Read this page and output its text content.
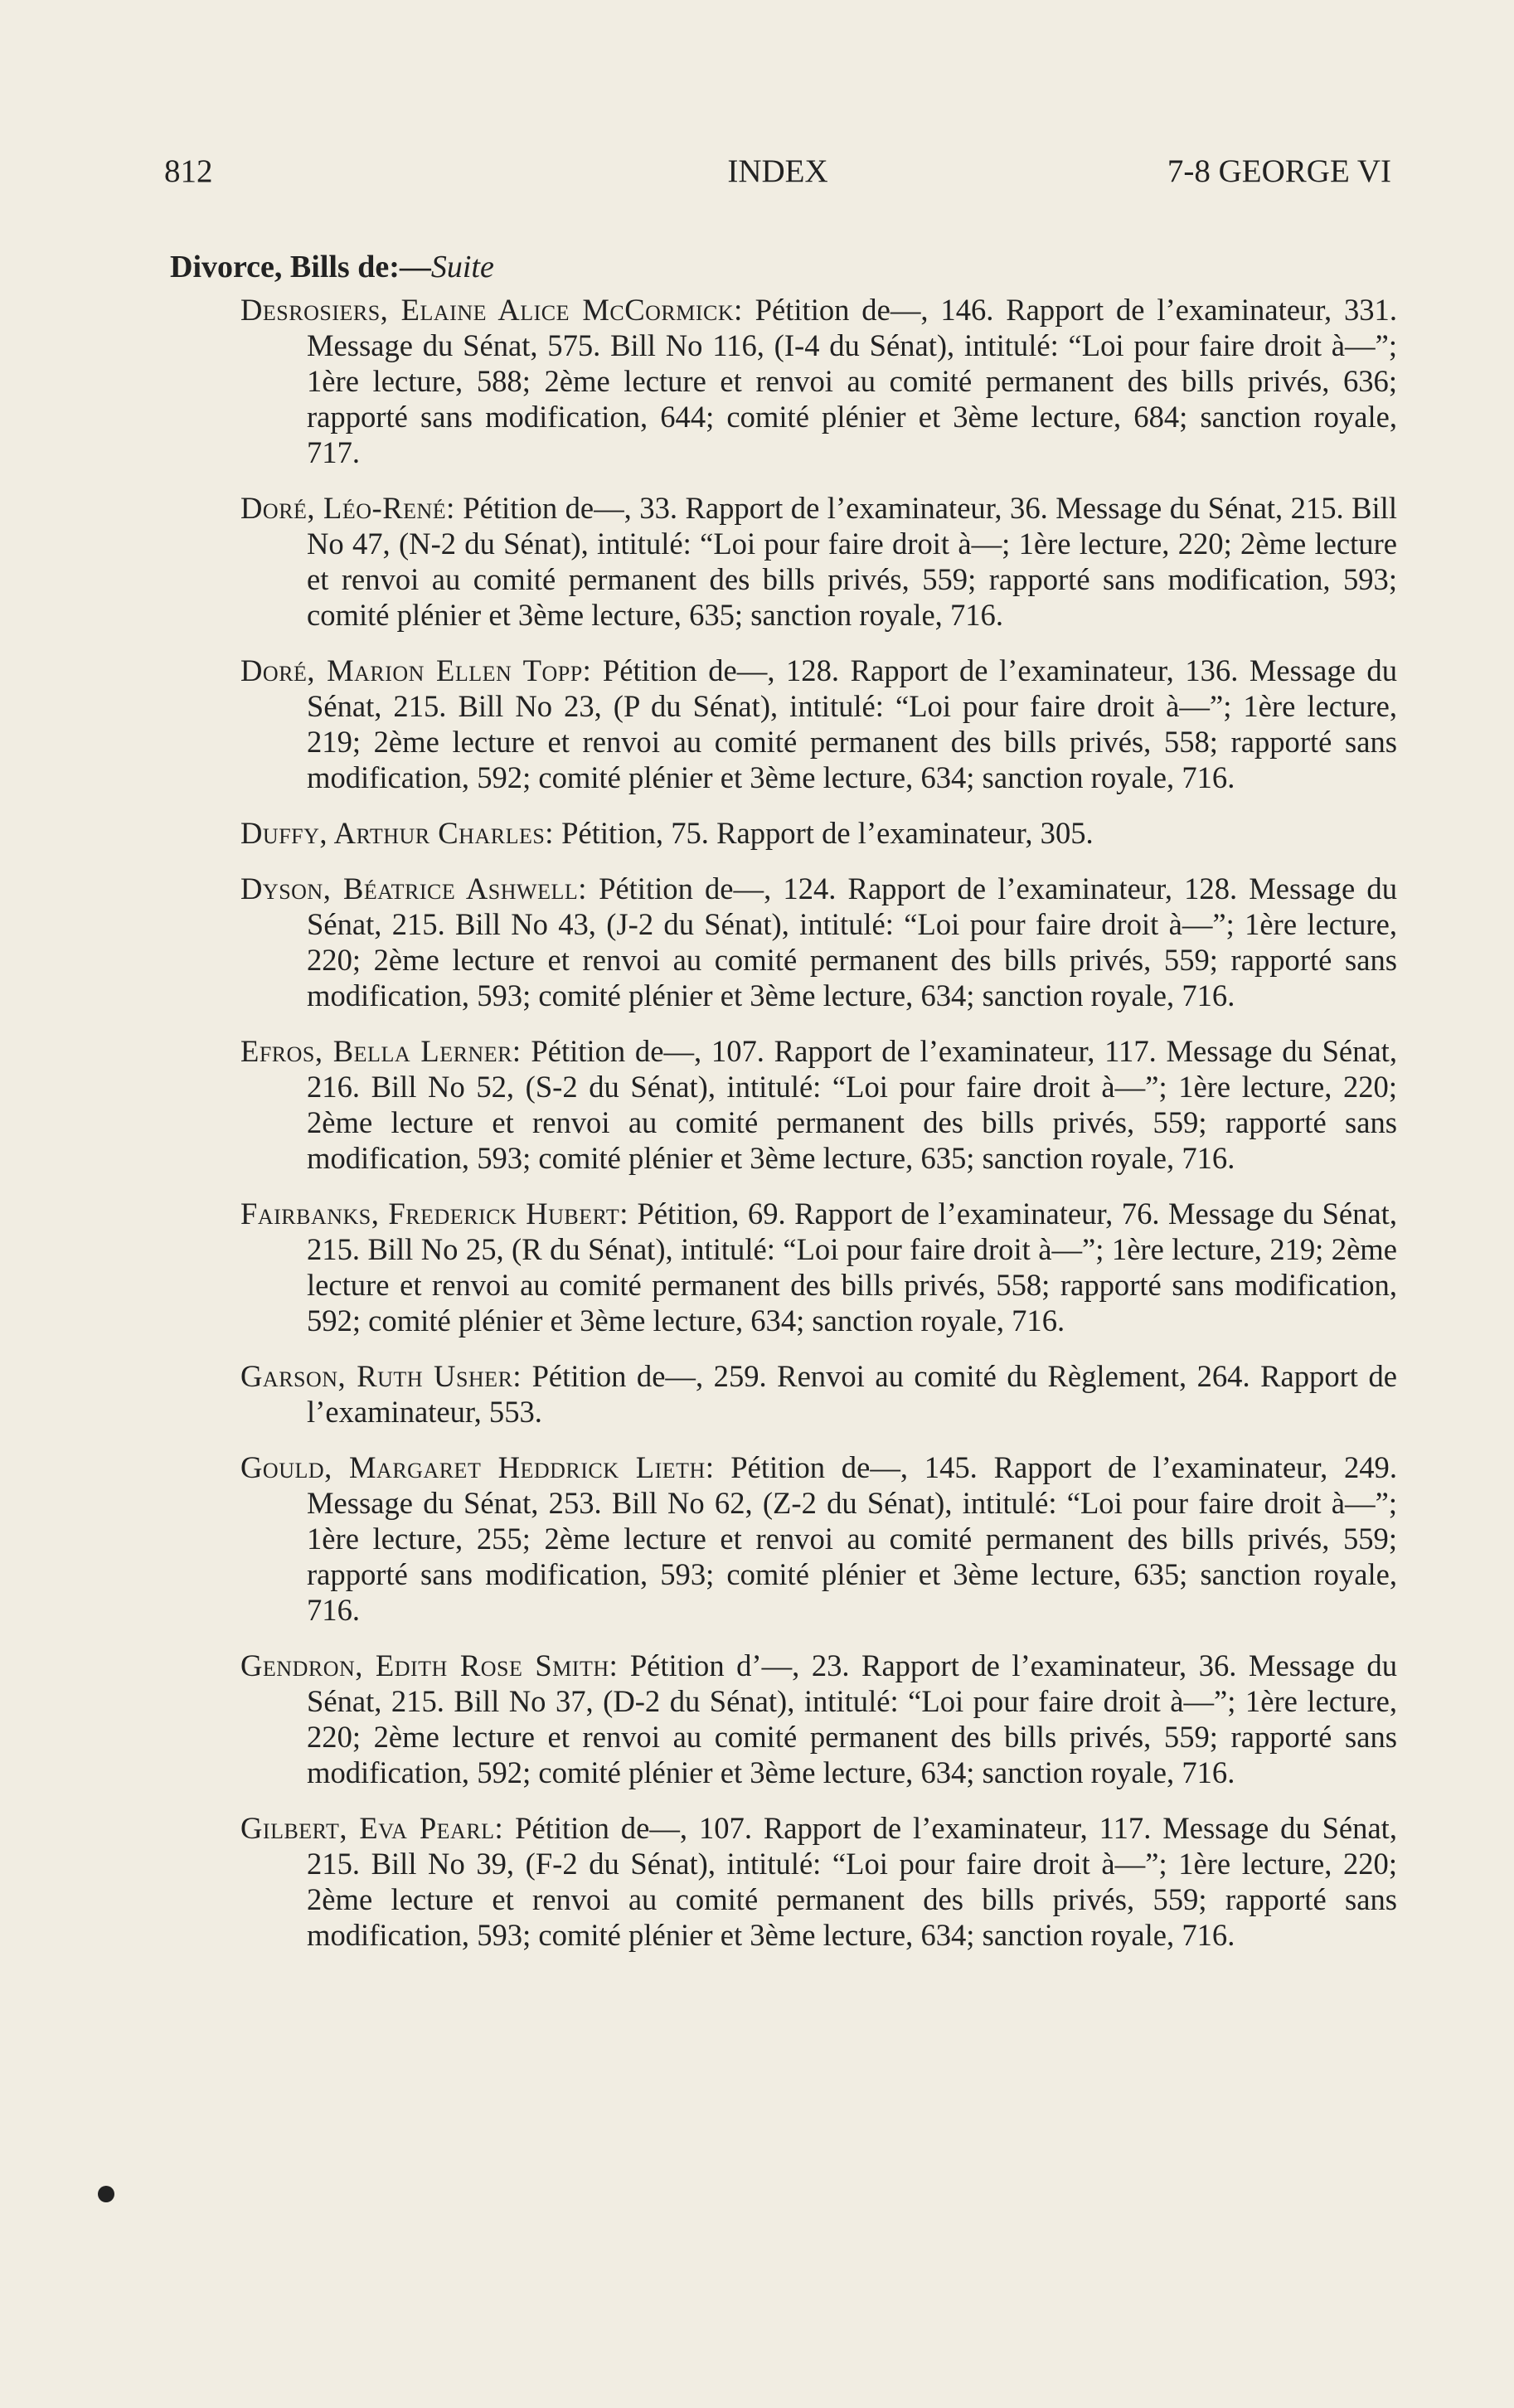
812	INDEX	7-8 GEORGE VI
Divorce, Bills de:—Suite

Desrosiers, Elaine Alice McCormick: Pétition de—, 146. Rapport de l’examinateur, 331. Message du Sénat, 575. Bill No 116, (I-4 du Sénat), intitulé: “Loi pour faire droit à—”; 1ère lecture, 588; 2ème lecture et renvoi au comité permanent des bills privés, 636; rapporté sans modification, 644; comité plénier et 3ème lecture, 684; sanction royale, 717.

Doré, Léo-René: Pétition de—, 33. Rapport de l’examinateur, 36. Message du Sénat, 215. Bill No 47, (N-2 du Sénat), intitulé: “Loi pour faire droit à—; 1ère lecture, 220; 2ème lecture et renvoi au comité permanent des bills privés, 559; rapporté sans modification, 593; comité plénier et 3ème lecture, 635; sanction royale, 716.

Doré, Marion Ellen Topp: Pétition de—, 128. Rapport de l’examinateur, 136. Message du Sénat, 215. Bill No 23, (P du Sénat), intitulé: “Loi pour faire droit à—”; 1ère lecture, 219; 2ème lecture et renvoi au comité permanent des bills privés, 558; rapporté sans modification, 592; comité plénier et 3ème lecture, 634; sanction royale, 716.

Duffy, Arthur Charles: Pétition, 75. Rapport de l’examinateur, 305.

Dyson, Béatrice Ashwell: Pétition de—, 124. Rapport de l’examinateur, 128. Message du Sénat, 215. Bill No 43, (J-2 du Sénat), intitulé: “Loi pour faire droit à—”; 1ère lecture, 220; 2ème lecture et renvoi au comité permanent des bills privés, 559; rapporté sans modification, 593; comité plénier et 3ème lecture, 634; sanction royale, 716.

Efros, Bella Lerner: Pétition de—, 107. Rapport de l’examinateur, 117. Message du Sénat, 216. Bill No 52, (S-2 du Sénat), intitulé: “Loi pour faire droit à—”; 1ère lecture, 220; 2ème lecture et renvoi au comité permanent des bills privés, 559; rapporté sans modification, 593; comité plénier et 3ème lecture, 635; sanction royale, 716.

Fairbanks, Frederick Hubert: Pétition, 69. Rapport de l’examinateur, 76. Message du Sénat, 215. Bill No 25, (R du Sénat), intitulé: “Loi pour faire droit à—”; 1ère lecture, 219; 2ème lecture et renvoi au comité permanent des bills privés, 558; rapporté sans modification, 592; comité plénier et 3ème lecture, 634; sanction royale, 716.

Garson, Ruth Usher: Pétition de—, 259. Renvoi au comité du Règlement, 264. Rapport de l’examinateur, 553.

Gould, Margaret Heddrick Lieth: Pétition de—, 145. Rapport de l’examinateur, 249. Message du Sénat, 253. Bill No 62, (Z-2 du Sénat), intitulé: “Loi pour faire droit à—”; 1ère lecture, 255; 2ème lecture et renvoi au comité permanent des bills privés, 559; rapporté sans modification, 593; comité plénier et 3ème lecture, 635; sanction royale, 716.

Gendron, Edith Rose Smith: Pétition d’—, 23. Rapport de l’examinateur, 36. Message du Sénat, 215. Bill No 37, (D-2 du Sénat), intitulé: “Loi pour faire droit à—”; 1ère lecture, 220; 2ème lecture et renvoi au comité permanent des bills privés, 559; rapporté sans modification, 592; comité plénier et 3ème lecture, 634; sanction royale, 716.

Gilbert, Eva Pearl: Pétition de—, 107. Rapport de l’examinateur, 117. Message du Sénat, 215. Bill No 39, (F-2 du Sénat), intitulé: “Loi pour faire droit à—”; 1ère lecture, 220; 2ème lecture et renvoi au comité permanent des bills privés, 559; rapporté sans modification, 593; comité plénier et 3ème lecture, 634; sanction royale, 716.
